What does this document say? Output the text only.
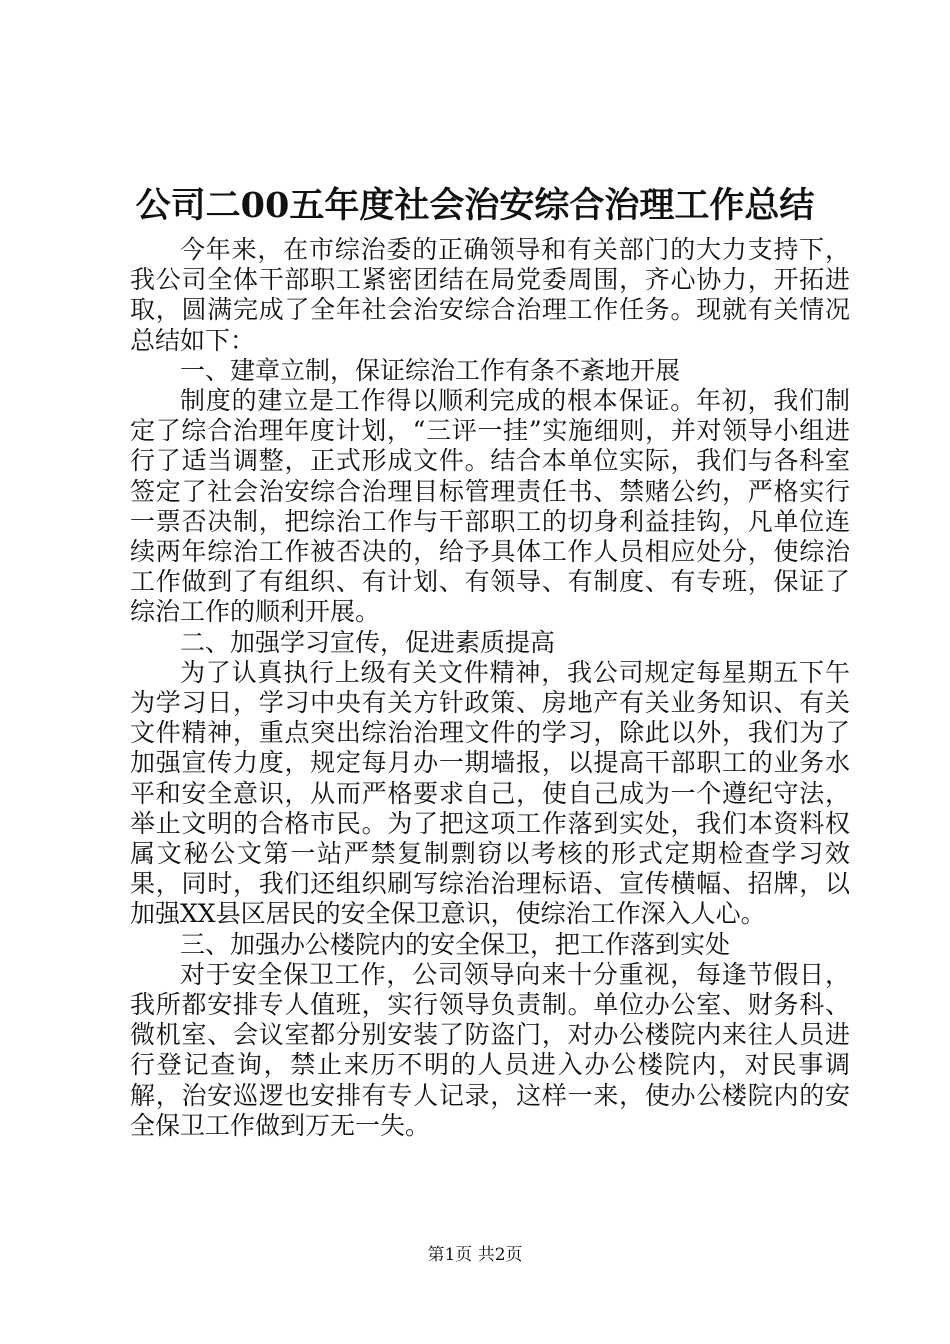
公司二00五年度社会治安综合治理工作总结

今年来，在市综治委的正确领导和有关部门的大力支持下，我公司全体干部职工紧密团结在局党委周围，齐心协力，开拓进取，圆满完成了全年社会治安综合治理工作任务。现就有关情况总结如下：

一、建章立制，保证综治工作有条不紊地开展

制度的建立是工作得以顺利完成的根本保证。年初，我们制定了综合治理年度计划，“三评一挂”实施细则，并对领导小组进行了适当调整，正式形成文件。结合本单位实际，我们与各科室签定了社会治安综合治理目标管理责任书、禁赌公约，严格实行一票否决制，把综治工作与干部职工的切身利益挂钩，凡单位连续两年综治工作被否决的，给予具体工作人员相应处分，使综治工作做到了有组织、有计划、有领导、有制度、有专班，保证了综治工作的顺利开展。

二、加强学习宣传，促进素质提高

为了认真执行上级有关文件精神，我公司规定每星期五下午为学习日，学习中央有关方针政策、房地产有关业务知识、有关文件精神，重点突出综治治理文件的学习，除此以外，我们为了加强宣传力度，规定每月办一期墙报，以提高干部职工的业务水平和安全意识，从而严格要求自己，使自己成为一个遵纪守法，举止文明的合格市民。为了把这项工作落到实处，我们本资料权属文秘公文第一站严禁复制剽窃以考核的形式定期检查学习效果，同时，我们还组织刷写综治治理标语、宣传横幅、招牌，以加强XX县区居民的安全保卫意识，使综治工作深入人心。

三、加强办公楼院内的安全保卫，把工作落到实处

对于安全保卫工作，公司领导向来十分重视，每逢节假日，我所都安排专人值班，实行领导负责制。单位办公室、财务科、微机室、会议室都分别安装了防盗门，对办公楼院内来往人员进行登记查询，禁止来历不明的人员进入办公楼院内，对民事调解，治安巡逻也安排有专人记录，这样一来，使办公楼院内的安全保卫工作做到万无一失。

第1页 共2页
